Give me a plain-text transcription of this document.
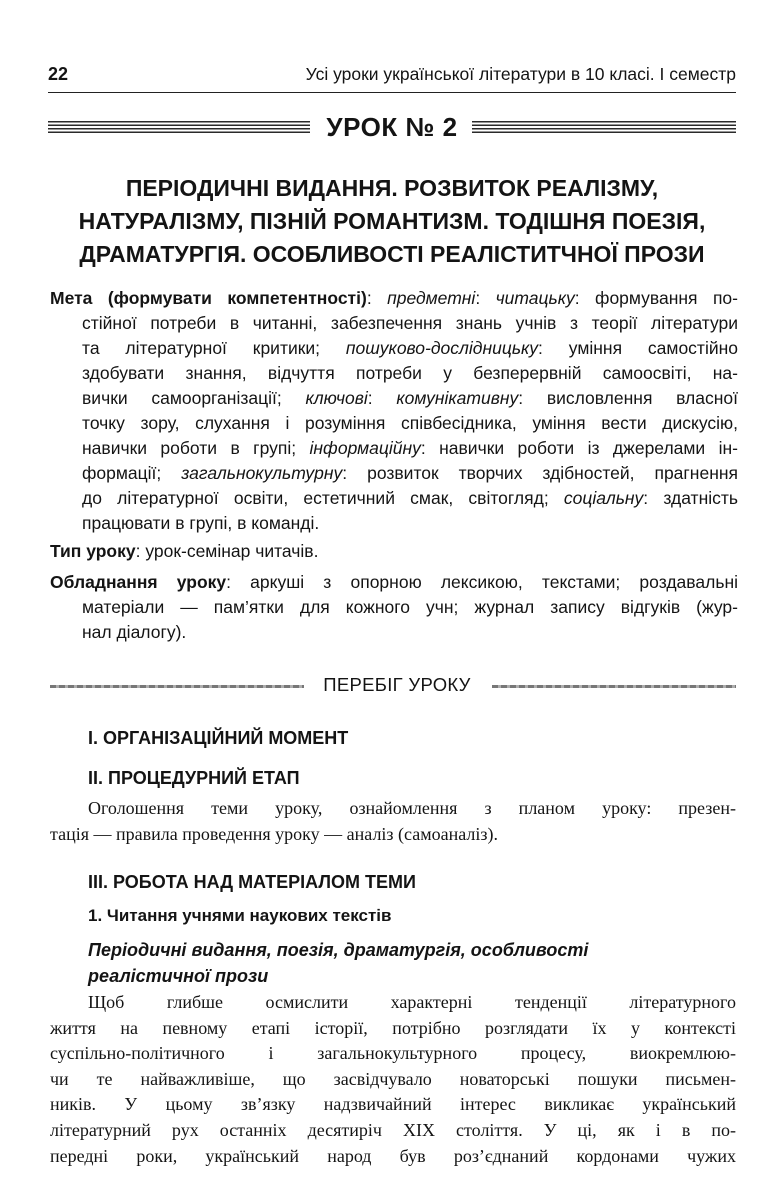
22	Усі уроки української літератури в 10 класі. І семестр
УРОК № 2
ПЕРІОДИЧНІ ВИДАННЯ. РОЗВИТОК РЕАЛІЗМУ,
НАТУРАЛІЗМУ, ПІЗНІЙ РОМАНТИЗМ. ТОДІШНЯ ПОЕЗІЯ,
ДРАМАТУРГІЯ. ОСОБЛИВОСТІ РЕАЛІСТИТЧНОЇ ПРОЗИ
Мета (формувати компетентності): предметні: читацьку: формування по-
стійної потреби в читанні, забезпечення знань учнів з теорії літератури
та літературної критики; пошуково-дослідницьку: уміння самостійно
здобувати знання, відчуття потреби у безперервній самоосвіті, на-
вички самоорганізації; ключові: комунікативну: висловлення власної
точку зору, слухання і розуміння співбесідника, уміння вести дискусію,
навички роботи в групі; інформаційну: навички роботи із джерелами ін-
формації; загальнокультурну: розвиток творчих здібностей, прагнення
до літературної освіти, естетичний смак, світогляд; соціальну: здатність
працювати в групі, в команді.
Тип уроку: урок-семінар читачів.
Обладнання уроку: аркуші з опорною лексикою, текстами; роздавальні
матеріали — пам’ятки для кожного учн; журнал запису відгуків (жур-
нал діалогу).
ПЕРЕБІГ УРОКУ
І. ОРГАНІЗАЦІЙНИЙ МОМЕНТ
ІІ. ПРОЦЕДУРНИЙ ЕТАП
Оголошення теми уроку, ознайомлення з планом уроку: презен-
тація — правила проведення уроку — аналіз (самоаналіз).
ІІІ. РОБОТА НАД МАТЕРІАЛОМ ТЕМИ
1. Читання учнями наукових текстів
Періодичні видання, поезія, драматургія, особливості
реалістичної прози
Щоб глибше осмислити характерні тенденції літературного
життя на певному етапі історії, потрібно розглядати їх у контексті
суспільно-політичного і загальнокультурного процесу, виокремлюю-
чи те найважливіше, що засвідчувало новаторські пошуки письмен-
ників. У цьому зв’язку надзвичайний інтерес викликає український
літературний рух останніх десятиріч XIX століття. У ці, як і в по-
передні роки, український народ був роз’єднаний кордонами чужих
